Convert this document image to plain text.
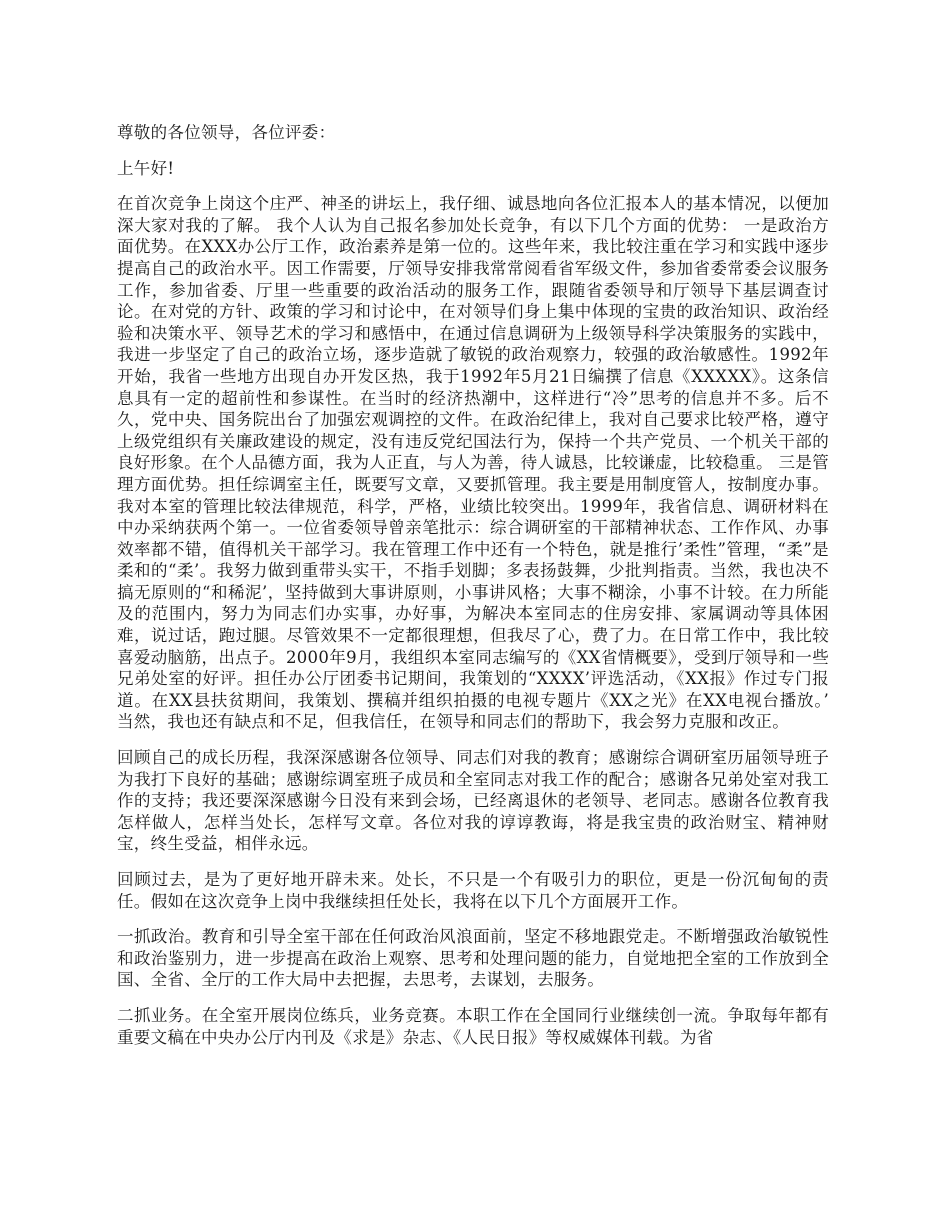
尊敬的各位领导，各位评委：

上午好!

在首次竞争上岗这个庄严、神圣的讲坛上，我仔细、诚恳地向各位汇报本人的基本情况，以便加深大家对我的了解。 我个人认为自己报名参加处长竞争，有以下几个方面的优势： 一是政治方面优势。在XXX办公厅工作，政治素养是第一位的。这些年来，我比较注重在学习和实践中逐步提高自己的政治水平。因工作需要，厅领导安排我常常阅看省军级文件，参加省委常委会议服务工作，参加省委、厅里一些重要的政治活动的服务工作，跟随省委领导和厅领导下基层调查讨论。在对党的方针、政策的学习和讨论中，在对领导们身上集中体现的宝贵的政治知识、政治经验和决策水平、领导艺术的学习和感悟中，在通过信息调研为上级领导科学决策服务的实践中，我进一步坚定了自己的政治立场，逐步造就了敏锐的政治观察力，较强的政治敏感性。1992年开始，我省一些地方出现自办开发区热，我于1992年5月21日编撰了信息《XXXXX》。这条信息具有一定的超前性和参谋性。在当时的经济热潮中，这样进行“冷”思考的信息并不多。后不久，党中央、国务院出台了加强宏观调控的文件。在政治纪律上，我对自己要求比较严格，遵守上级党组织有关廉政建设的规定，没有违反党纪国法行为，保持一个共产党员、一个机关干部的良好形象。在个人品德方面，我为人正直，与人为善，待人诚恳，比较谦虚，比较稳重。 三是管理方面优势。担任综调室主任，既要写文章，又要抓管理。我主要是用制度管人，按制度办事。我对本室的管理比较法律规范，科学，严格，业绩比较突出。1999年，我省信息、调研材料在中办采纳获两个第一。一位省委领导曾亲笔批示：综合调研室的干部精神状态、工作作风、办事效率都不错，值得机关干部学习。我在管理工作中还有一个特色，就是推行’柔性”管理，“柔”是柔和的“柔’。我努力做到重带头实干，不指手划脚；多表扬鼓舞，少批判指责。当然，我也决不搞无原则的“和稀泥’，坚持做到大事讲原则，小事讲风格；大事不糊涂，小事不计较。在力所能及的范围内，努力为同志们办实事，办好事，为解决本室同志的住房安排、家属调动等具体困难，说过话，跑过腿。尽管效果不一定都很理想，但我尽了心，费了力。在日常工作中，我比较喜爱动脑筋，出点子。2000年9月，我组织本室同志编写的《XX省情概要》，受到厅领导和一些兄弟处室的好评。担任办公厅团委书记期间，我策划的“XXXX’评选活动，《XX报》作过专门报道。在XX县扶贫期间，我策划、撰稿并组织拍摄的电视专题片《XX之光》在XX电视台播放。’ 当然，我也还有缺点和不足，但我信任，在领导和同志们的帮助下，我会努力克服和改正。

回顾自己的成长历程，我深深感谢各位领导、同志们对我的教育；感谢综合调研室历届领导班子为我打下良好的基础；感谢综调室班子成员和全室同志对我工作的配合；感谢各兄弟处室对我工作的支持；我还要深深感谢今日没有来到会场，已经离退休的老领导、老同志。感谢各位教育我怎样做人，怎样当处长，怎样写文章。各位对我的谆谆教诲，将是我宝贵的政治财宝、精神财宝，终生受益，相伴永远。

回顾过去，是为了更好地开辟未来。处长，不只是一个有吸引力的职位，更是一份沉甸甸的责任。假如在这次竞争上岗中我继续担任处长，我将在以下几个方面展开工作。

一抓政治。教育和引导全室干部在任何政治风浪面前，坚定不移地跟党走。不断增强政治敏锐性和政治鉴别力，进一步提高在政治上观察、思考和处理问题的能力，自觉地把全室的工作放到全国、全省、全厅的工作大局中去把握，去思考，去谋划，去服务。

二抓业务。在全室开展岗位练兵，业务竞赛。本职工作在全国同行业继续创一流。争取每年都有重要文稿在中央办公厅内刊及《求是》杂志、《人民日报》等权威媒体刊载。为省
